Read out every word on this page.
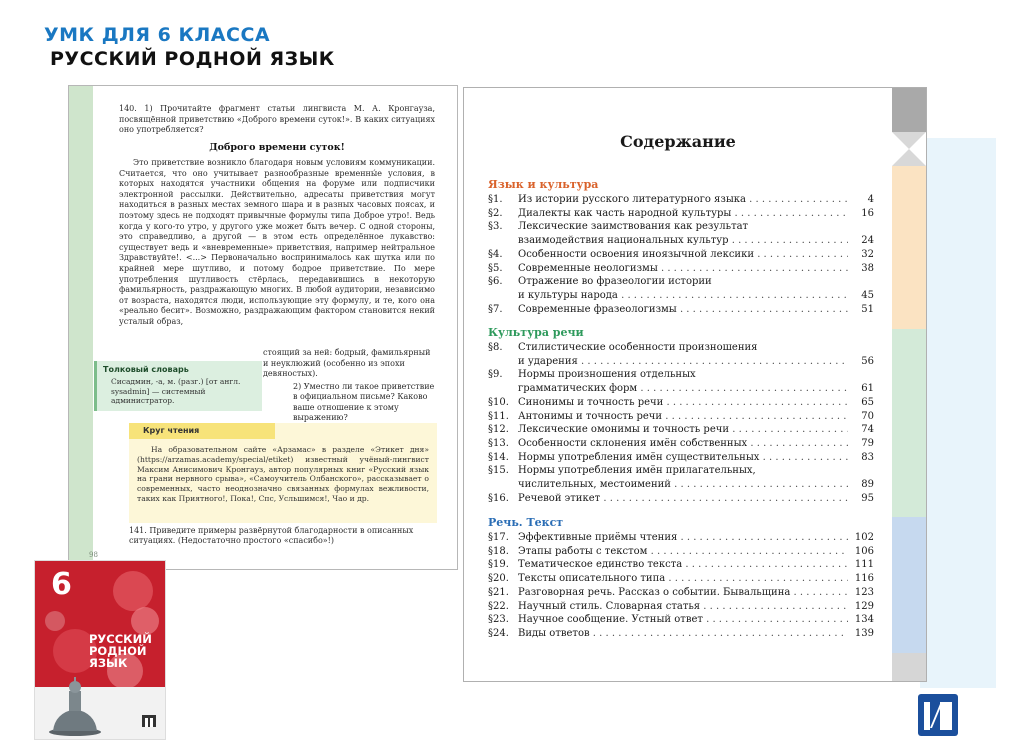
УМК ДЛЯ 6 КЛАССА
РУССКИЙ РОДНОЙ ЯЗЫК
140. 1) Прочитайте фрагмент статьи лингвиста М. А. Кронгауза, посвящённой приветствию «Доброго времени суток!». В каких ситуациях оно употребляется?
Доброго времени суток!
Это приветствие возникло благодаря новым условиям коммуникации. Считается, что оно учитывает разнообразные временны́е условия, в которых находятся участники общения на форуме или подписчики электронной рассылки. Действительно, адресаты приветствия могут находиться в разных местах земного шара и в разных часовых поясах, и поэтому здесь не подходят привычные формулы типа Доброе утро!. Ведь когда у кого-то утро, у другого уже может быть вечер. С одной стороны, это справедливо, а другой — в этом есть определённое лукавство: существует ведь и «вневременные» приветствия, например нейтральное Здравствуйте!. <...> Первоначально воспринималось как шутка или по крайней мере шутливо, и потому бодрое приветствие. По мере употребления шутливость стёрлась, передавившись в некоторую фамильярность, раздражающую многих. В любой аудитории, независимо от возраста, находятся люди, использующие эту формулу, и те, кого она «реально бесит». Возможно, раздражающим фактором становится некий усталый образ,
стоящий за ней: бодрый, фамильярный и неуклюжий (особенно из эпохи девяностых).
2) Уместно ли такое приветствие в официальном письме? Каково ваше отношение к этому выражению?
Толковый словарь
Сисадмин, -а, м. (разг.) [от англ. sysadmin] — системный администратор.
Круг чтения
На образовательном сайте «Арзамас» в разделе «Этикет дня» (https://arzamas.academy/special/etiket) известный учёный-лингвист Максим Анисимович Кронгауз, автор популярных книг «Русский язык на грани нервного срыва», «Самоучитель Олбанского», рассказывает о современных, часто неоднозначно связанных формулах вежливости, таких как Приятного!, Пока!, Спс, Усльшимся!, Чао и др.
141. Приведите примеры развёрнутой благодарности в описанных ситуациях. (Недостаточно простого «спасибо»!)
98
6
РУССКИЙ
РОДНОЙ
ЯЗЫК
Содержание
Язык и культура
§1.	Из истории русского литературного языка . . .	4
§2.	Диалекты как часть народной культуры . . .	16
§3.	Лексические заимствования как результат
взаимодействия национальных культур . . .	24
§4.	Особенности освоения иноязычной лексики . . .	32
§5.	Современные неологизмы . . .	38
§6.	Отражение во фразеологии истории
и культуры народа . . .	45
§7.	Современные фразеологизмы . . .	51
Культура речи
§8.	Стилистические особенности произношения
и ударения . . .	56
§9.	Нормы произношения отдельных
грамматических форм . . .	61
§10. Синонимы и точность речи . . .	65
§11. Антонимы и точность речи . . .	70
§12. Лексические омонимы и точность речи . . .	74
§13. Особенности склонения имён собственных . . .	79
§14. Нормы употребления имён существительных . . .	83
§15. Нормы употребления имён прилагательных,
числительных, местоимений . . .	89
§16. Речевой этикет . . .	95
Речь. Текст
§17. Эффективные приёмы чтения . . .	102
§18. Этапы работы с текстом . . .	106
§19. Тематическое единство текста . . .	111
§20. Тексты описательного типа . . .	116
§21. Разговорная речь. Рассказ о событии. Бывальщина . . .	123
§22. Научный стиль. Словарная статья . . .	129
§23. Научное сообщение. Устный ответ . . .	134
§24. Виды ответов . . .	139
